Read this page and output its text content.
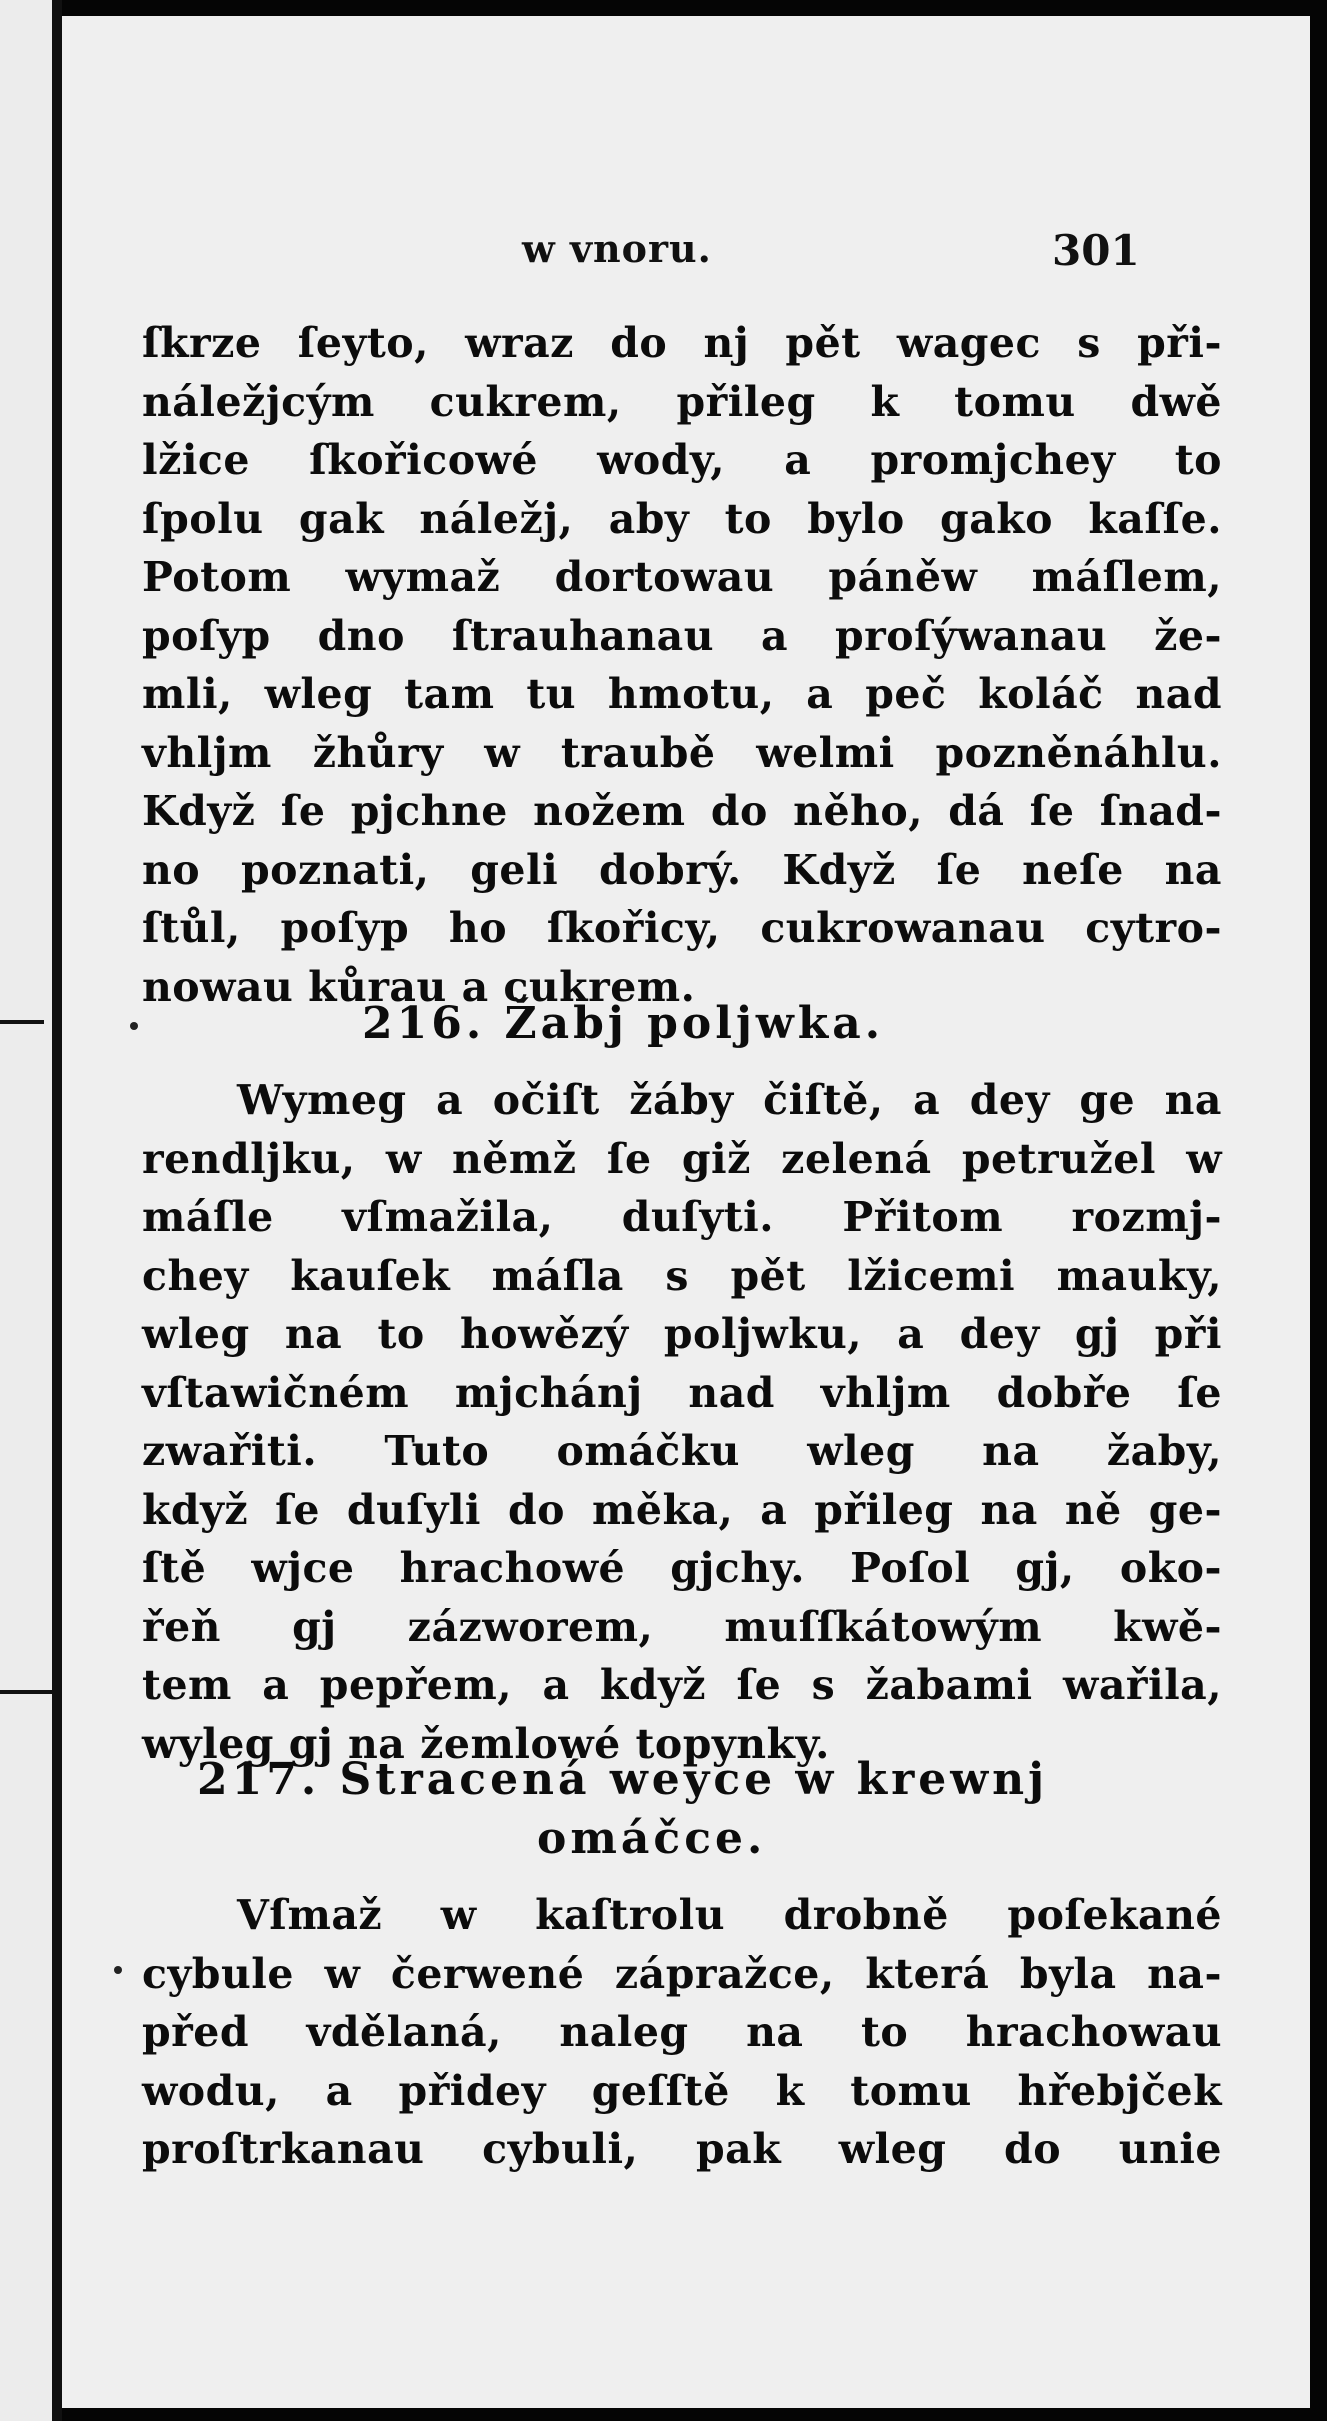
w vnoru.	301
ſkrze ſeyto, wraz do nj pět wagec s při-
náležjcým cukrem, přileg k tomu dwě
lžice ſkořicowé wody, a promjchey to
ſpolu gak náležj, aby to bylo gako kaſſe.
Potom wymaž dortowau páněw máſlem,
poſyp dno ſtrauhanau a proſýwanau že-
mli, wleg tam tu hmotu, a peč koláč nad
vhljm žhůry w traubě welmi pozněnáhlu.
Když ſe pjchne nožem do něho, dá ſe ſnad-
no poznati, geli dobrý. Když ſe neſe na
ſtůl, poſyp ho ſkořicy, cukrowanau cytro-
nowau kůrau a cukrem.
216. Žabj poljwka.
Wymeg a očiſt žáby čiſtě, a dey ge na
rendljku, w němž ſe giž zelená petružel w
máſle vſmažila, duſyti. Přitom rozmj-
chey kauſek máſla s pět lžicemi mauky,
wleg na to howězý poljwku, a dey gj při
vſtawičném mjchánj nad vhljm dobře ſe
zwařiti. Tuto omáčku wleg na žaby,
když ſe duſyli do měka, a přileg na ně ge-
ſtě wjce hrachowé gjchy. Poſol gj, oko-
řeň gj zázworem, muſſkátowým kwě-
tem a pepřem, a když ſe s žabami wařila,
wyleg gj na žemlowé topynky.
217. Stracená weyce w krewnj
omáčce.
Vſmaž w kaſtrolu drobně poſekané
cybule w čerwené zápražce, která byla na-
před vdělaná, naleg na to hrachowau
wodu, a přidey geſſtě k tomu hřebjček
proſtrkanau cybuli, pak wleg do unie
